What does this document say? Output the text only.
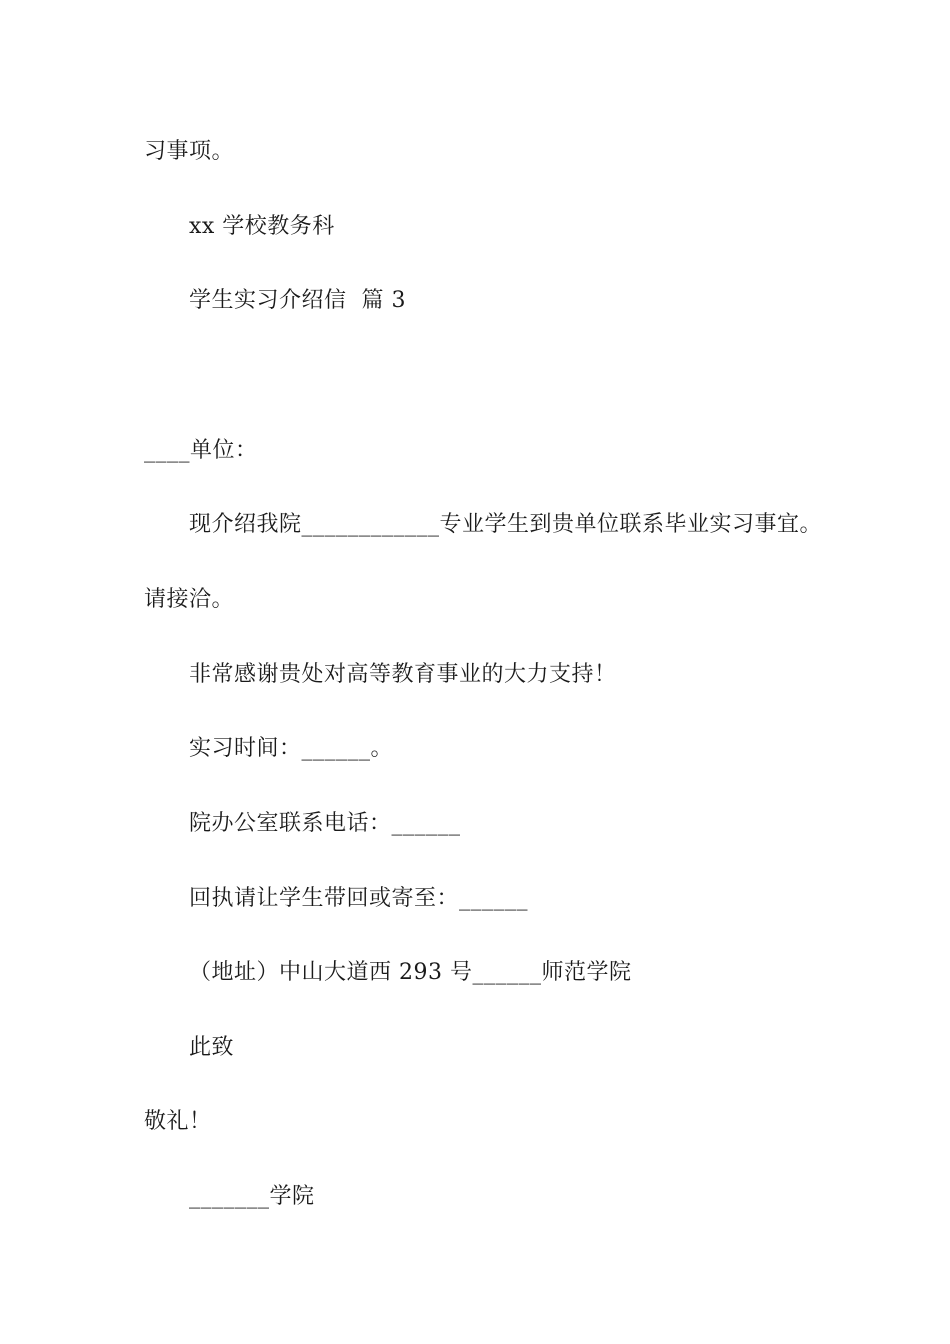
习事项。
xx 学校教务科
学生实习介绍信  篇 3
____单位：
现介绍我院____________专业学生到贵单位联系毕业实习事宜。
请接洽。
非常感谢贵处对高等教育事业的大力支持！
实习时间：______。
院办公室联系电话：______
回执请让学生带回或寄至：______
（地址）中山大道西 293 号______师范学院
此致
敬礼！
_______学院
